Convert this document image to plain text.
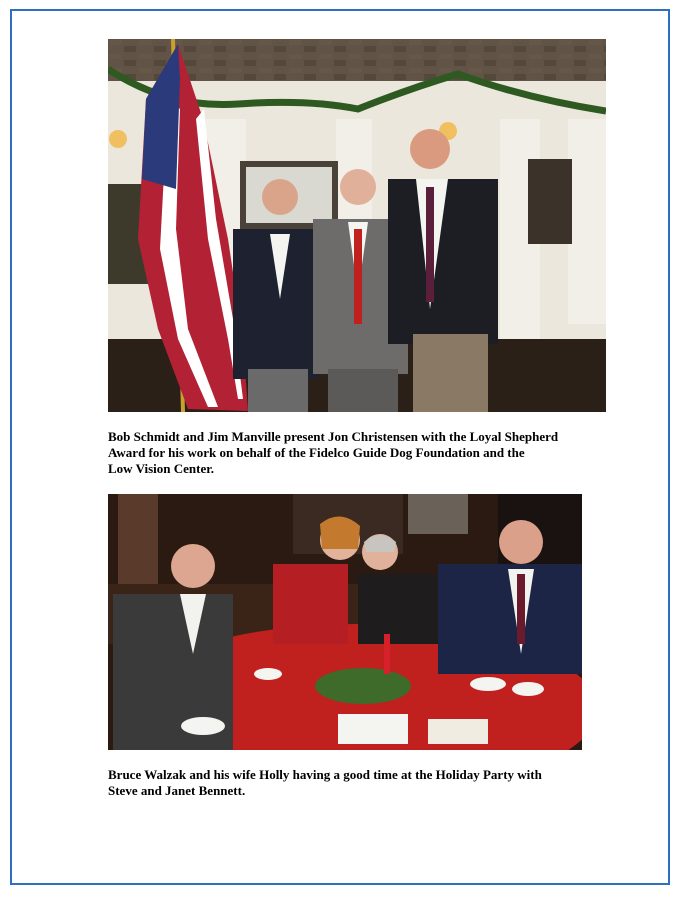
Bob Schmidt and Jim Manville present Jon Christensen with the Loyal Shepherd
Award for his work on behalf of the Fidelco Guide Dog Foundation and the
Low Vision Center.
Bruce Walzak and his wife Holly having a good time at the Holiday Party with
Steve and Janet Bennett.
